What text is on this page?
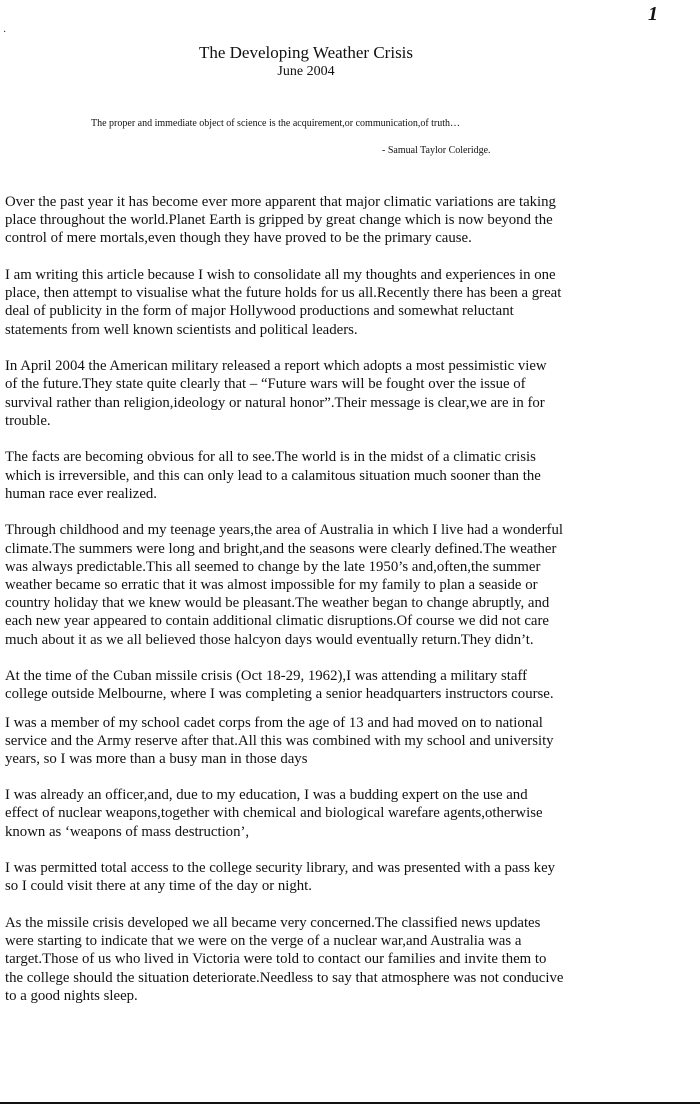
1
·
The Developing Weather Crisis

June 2004

The proper and immediate object of science is the acquirement,or communication,of truth…

- Samual Taylor Coleridge.

Over the past year it has become ever more apparent that major climatic variations are taking
place throughout the world.Planet Earth is gripped by great change which is now beyond the
control of mere mortals,even though they have proved to be the primary cause.

I am writing this article because I wish to consolidate all my thoughts and experiences in one
place, then attempt to visualise what the future holds for us all.Recently there has been a great
deal of publicity in the form of major Hollywood productions and somewhat reluctant
statements from well known scientists and political leaders.

In April 2004 the American military released a report which adopts a most pessimistic view
of the future.They state quite clearly that – “Future wars will be fought over the issue of
survival rather than religion,ideology or natural honor”.Their message is clear,we are in for
trouble.

The facts are becoming obvious for all to see.The world is in the midst of a climatic crisis
which is irreversible, and this can only lead to a calamitous situation much sooner than the
human race ever realized.

Through childhood and my teenage years,the area of Australia in which I live had a wonderful
climate.The summers were long and bright,and the seasons were clearly defined.The weather
was always predictable.This all seemed to change by the late 1950’s and,often,the summer
weather became so erratic that it was almost impossible for my family to plan a seaside or
country holiday that we knew would be pleasant.The weather began to change abruptly, and
each new year appeared to contain additional climatic disruptions.Of course we did not care
much about it as we all believed those halcyon days would eventually return.They didn’t.

At the time of the Cuban missile crisis (Oct 18-29, 1962),I was attending a military staff
college outside Melbourne, where I was completing a senior headquarters instructors course.

I was a member of my school cadet corps from the age of 13 and had moved on to national
service and the Army reserve after that.All this was combined with my school and university
years, so I was more than a busy man in those days

I was already an officer,and, due to my education, I was a budding expert on the use and
effect of nuclear weapons,together with chemical and biological warefare agents,otherwise
known as ‘weapons of mass destruction’,

I was permitted total access to the college security library, and was presented with a pass key
so I could visit there at any time of the day or night.

As the missile crisis developed we all became very concerned.The classified news updates
were starting to indicate that we were on the verge of a nuclear war,and Australia was a
target.Those of us who lived in Victoria were told to contact our families and invite them to
the college should the situation deteriorate.Needless to say that atmosphere was not conducive
to a good nights sleep.
